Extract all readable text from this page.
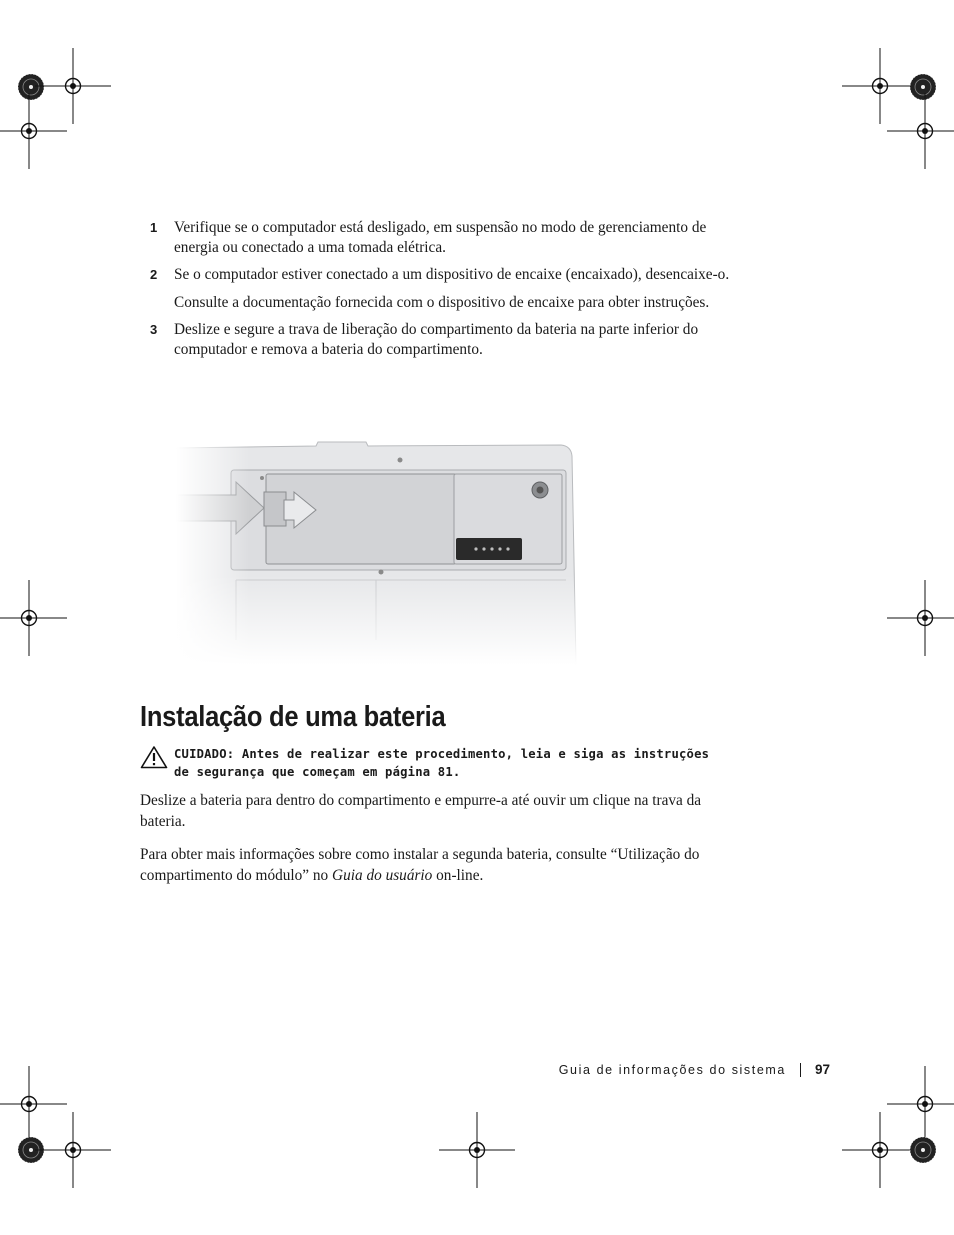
1 Verifique se o computador está desligado, em suspensão no modo de gerenciamento de energia ou conectado a uma tomada elétrica.
2 Se o computador estiver conectado a um dispositivo de encaixe (encaixado), desencaixe-o.
Consulte a documentação fornecida com o dispositivo de encaixe para obter instruções.
3 Deslize e segure a trava de liberação do compartimento da bateria na parte inferior do computador e remova a bateria do compartimento.
Instalação de uma bateria
CUIDADO: Antes de realizar este procedimento, leia e siga as instruções de segurança que começam em página 81.

Deslize a bateria para dentro do compartimento e empurre-a até ouvir um clique na trava da bateria.

Para obter mais informações sobre como instalar a segunda bateria, consulte “Utilização do compartimento do módulo” no Guia do usuário on-line.

Guia de informações do sistema 97
